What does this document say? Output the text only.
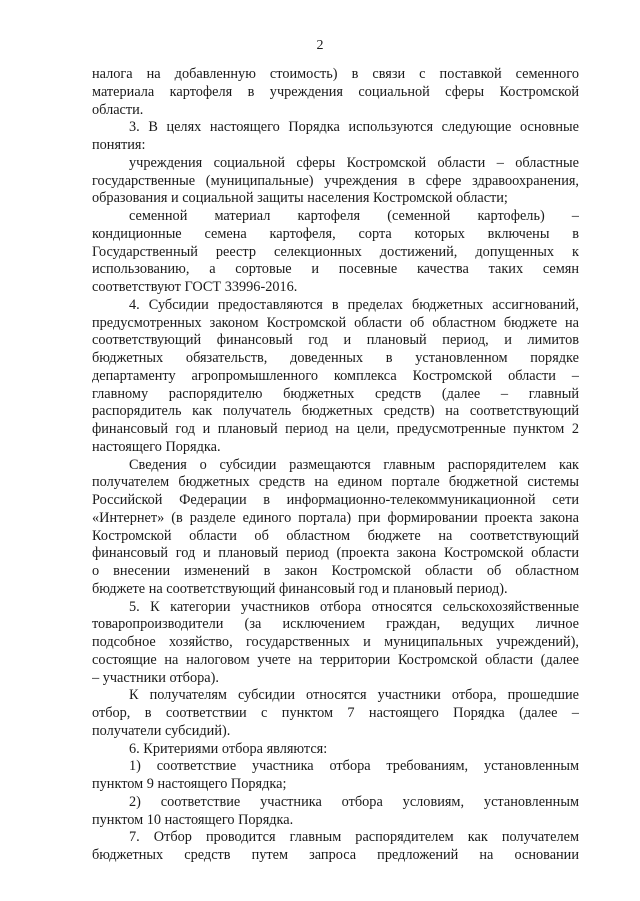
2
налога на добавленную стоимость) в связи с поставкой семенного
материала картофеля в учреждения социальной сферы Костромской
области.
3. В целях настоящего Порядка используются следующие основные
понятия:
учреждения социальной сферы Костромской области – областные
государственные (муниципальные) учреждения в сфере здравоохранения,
образования и социальной защиты населения Костромской области;
семенной материал картофеля (семенной картофель) –
кондиционные семена картофеля, сорта которых включены в
Государственный реестр селекционных достижений, допущенных к
использованию, а сортовые и посевные качества таких семян
соответствуют ГОСТ 33996-2016.
4. Субсидии предоставляются в пределах бюджетных ассигнований,
предусмотренных законом Костромской области об областном бюджете на
соответствующий финансовый год и плановый период, и лимитов
бюджетных обязательств, доведенных в установленном порядке
департаменту агропромышленного комплекса Костромской области –
главному распорядителю бюджетных средств (далее – главный
распорядитель как получатель бюджетных средств) на соответствующий
финансовый год и плановый период на цели, предусмотренные пунктом 2
настоящего Порядка.
Сведения о субсидии размещаются главным распорядителем как
получателем бюджетных средств на едином портале бюджетной системы
Российской Федерации в информационно-телекоммуникационной сети
«Интернет» (в разделе единого портала) при формировании проекта закона
Костромской области об областном бюджете на соответствующий
финансовый год и плановый период (проекта закона Костромской области
о внесении изменений в закон Костромской области об областном
бюджете на соответствующий финансовый год и плановый период).
5. К категории участников отбора относятся сельскохозяйственные
товаропроизводители (за исключением граждан, ведущих личное
подсобное хозяйство, государственных и муниципальных учреждений),
состоящие на налоговом учете на территории Костромской области (далее
– участники отбора).
К получателям субсидии относятся участники отбора, прошедшие
отбор, в соответствии с пунктом 7 настоящего Порядка (далее –
получатели субсидий).
6. Критериями отбора являются:
1) соответствие участника отбора требованиям, установленным
пунктом 9 настоящего Порядка;
2) соответствие участника отбора условиям, установленным
пунктом 10 настоящего Порядка.
7. Отбор проводится главным распорядителем как получателем
бюджетных средств путем запроса предложений на основании
